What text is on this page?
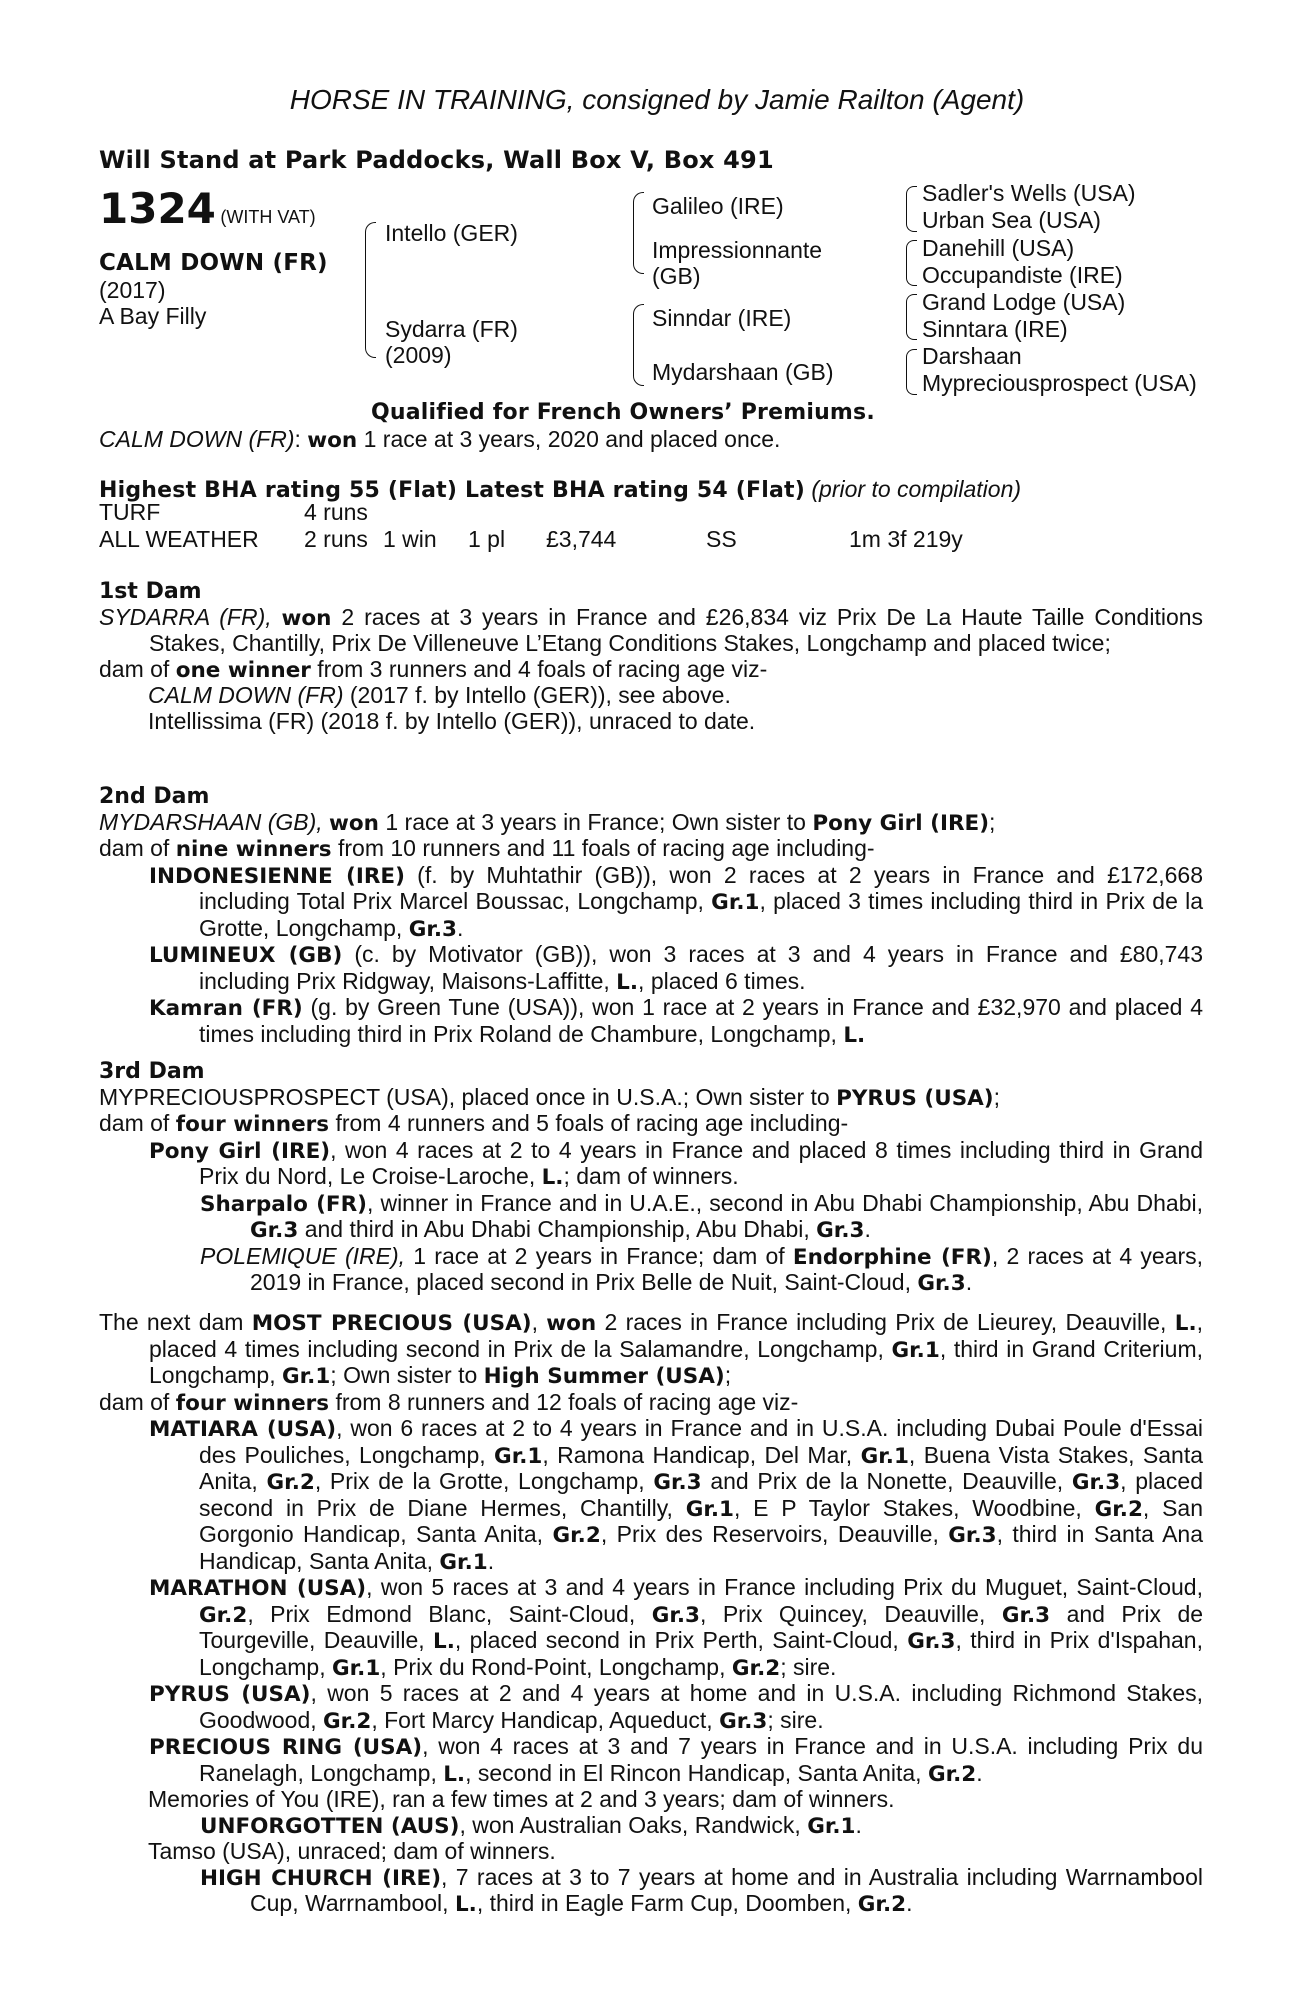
HORSE IN TRAINING, consigned by Jamie Railton (Agent)
Will Stand at Park Paddocks, Wall Box V, Box 491
1324 (WITH VAT)
CALM DOWN (FR)
(2017)
A Bay Filly
Intello (GER)
Sydarra (FR)
(2009)
Galileo (IRE)
Impressionnante
(GB)
Sinndar (IRE)
Mydarshaan (GB)
Sadler's Wells (USA)
Urban Sea (USA)
Danehill (USA)
Occupandiste (IRE)
Grand Lodge (USA)
Sinntara (IRE)
Darshaan
Mypreciousprospect (USA)
Qualified for French Owners’ Premiums.
CALM DOWN (FR): won 1 race at 3 years, 2020 and placed once.
Highest BHA rating 55 (Flat) Latest BHA rating 54 (Flat) (prior to compilation)
TURF	4 runs
ALL WEATHER 2 runs 1 win 1 pl £3,744	SS	1m 3f 219y

1st Dam

SYDARRA (FR), won 2 races at 3 years in France and £26,834 viz Prix De La Haute Taille Conditions Stakes, Chantilly, Prix De Villeneuve L’Etang Conditions Stakes, Longchamp and placed twice;

dam of one winner from 3 runners and 4 foals of racing age viz-

CALM DOWN (FR) (2017 f. by Intello (GER)), see above.

Intellissima (FR) (2018 f. by Intello (GER)), unraced to date.

2nd Dam

MYDARSHAAN (GB), won 1 race at 3 years in France; Own sister to Pony Girl (IRE);

dam of nine winners from 10 runners and 11 foals of racing age including-

INDONESIENNE (IRE) (f. by Muhtathir (GB)), won 2 races at 2 years in France and £172,668 including Total Prix Marcel Boussac, Longchamp, Gr.1, placed 3 times including third in Prix de la Grotte, Longchamp, Gr.3.

LUMINEUX (GB) (c. by Motivator (GB)), won 3 races at 3 and 4 years in France and £80,743 including Prix Ridgway, Maisons-Laffitte, L., placed 6 times.

Kamran (FR) (g. by Green Tune (USA)), won 1 race at 2 years in France and £32,970 and placed 4 times including third in Prix Roland de Chambure, Longchamp, L.

3rd Dam

MYPRECIOUSPROSPECT (USA), placed once in U.S.A.; Own sister to PYRUS (USA);

dam of four winners from 4 runners and 5 foals of racing age including-

Pony Girl (IRE), won 4 races at 2 to 4 years in France and placed 8 times including third in Grand Prix du Nord, Le Croise-Laroche, L.; dam of winners.

Sharpalo (FR), winner in France and in U.A.E., second in Abu Dhabi Championship, Abu Dhabi, Gr.3 and third in Abu Dhabi Championship, Abu Dhabi, Gr.3.

POLEMIQUE (IRE), 1 race at 2 years in France; dam of Endorphine (FR), 2 races at 4 years, 2019 in France, placed second in Prix Belle de Nuit, Saint-Cloud, Gr.3.

The next dam MOST PRECIOUS (USA), won 2 races in France including Prix de Lieurey, Deauville, L., placed 4 times including second in Prix de la Salamandre, Longchamp, Gr.1, third in Grand Criterium, Longchamp, Gr.1; Own sister to High Summer (USA);

dam of four winners from 8 runners and 12 foals of racing age viz-

MATIARA (USA), won 6 races at 2 to 4 years in France and in U.S.A. including Dubai Poule d'Essai des Pouliches, Longchamp, Gr.1, Ramona Handicap, Del Mar, Gr.1, Buena Vista Stakes, Santa Anita, Gr.2, Prix de la Grotte, Longchamp, Gr.3 and Prix de la Nonette, Deauville, Gr.3, placed second in Prix de Diane Hermes, Chantilly, Gr.1, E P Taylor Stakes, Woodbine, Gr.2, San Gorgonio Handicap, Santa Anita, Gr.2, Prix des Reservoirs, Deauville, Gr.3, third in Santa Ana Handicap, Santa Anita, Gr.1.

MARATHON (USA), won 5 races at 3 and 4 years in France including Prix du Muguet, Saint-Cloud, Gr.2, Prix Edmond Blanc, Saint-Cloud, Gr.3, Prix Quincey, Deauville, Gr.3 and Prix de Tourgeville, Deauville, L., placed second in Prix Perth, Saint-Cloud, Gr.3, third in Prix d'Ispahan, Longchamp, Gr.1, Prix du Rond-Point, Longchamp, Gr.2; sire.

PYRUS (USA), won 5 races at 2 and 4 years at home and in U.S.A. including Richmond Stakes, Goodwood, Gr.2, Fort Marcy Handicap, Aqueduct, Gr.3; sire.

PRECIOUS RING (USA), won 4 races at 3 and 7 years in France and in U.S.A. including Prix du Ranelagh, Longchamp, L., second in El Rincon Handicap, Santa Anita, Gr.2.

Memories of You (IRE), ran a few times at 2 and 3 years; dam of winners.

UNFORGOTTEN (AUS), won Australian Oaks, Randwick, Gr.1.

Tamso (USA), unraced; dam of winners.

HIGH CHURCH (IRE), 7 races at 3 to 7 years at home and in Australia including Warrnambool Cup, Warrnambool, L., third in Eagle Farm Cup, Doomben, Gr.2.
